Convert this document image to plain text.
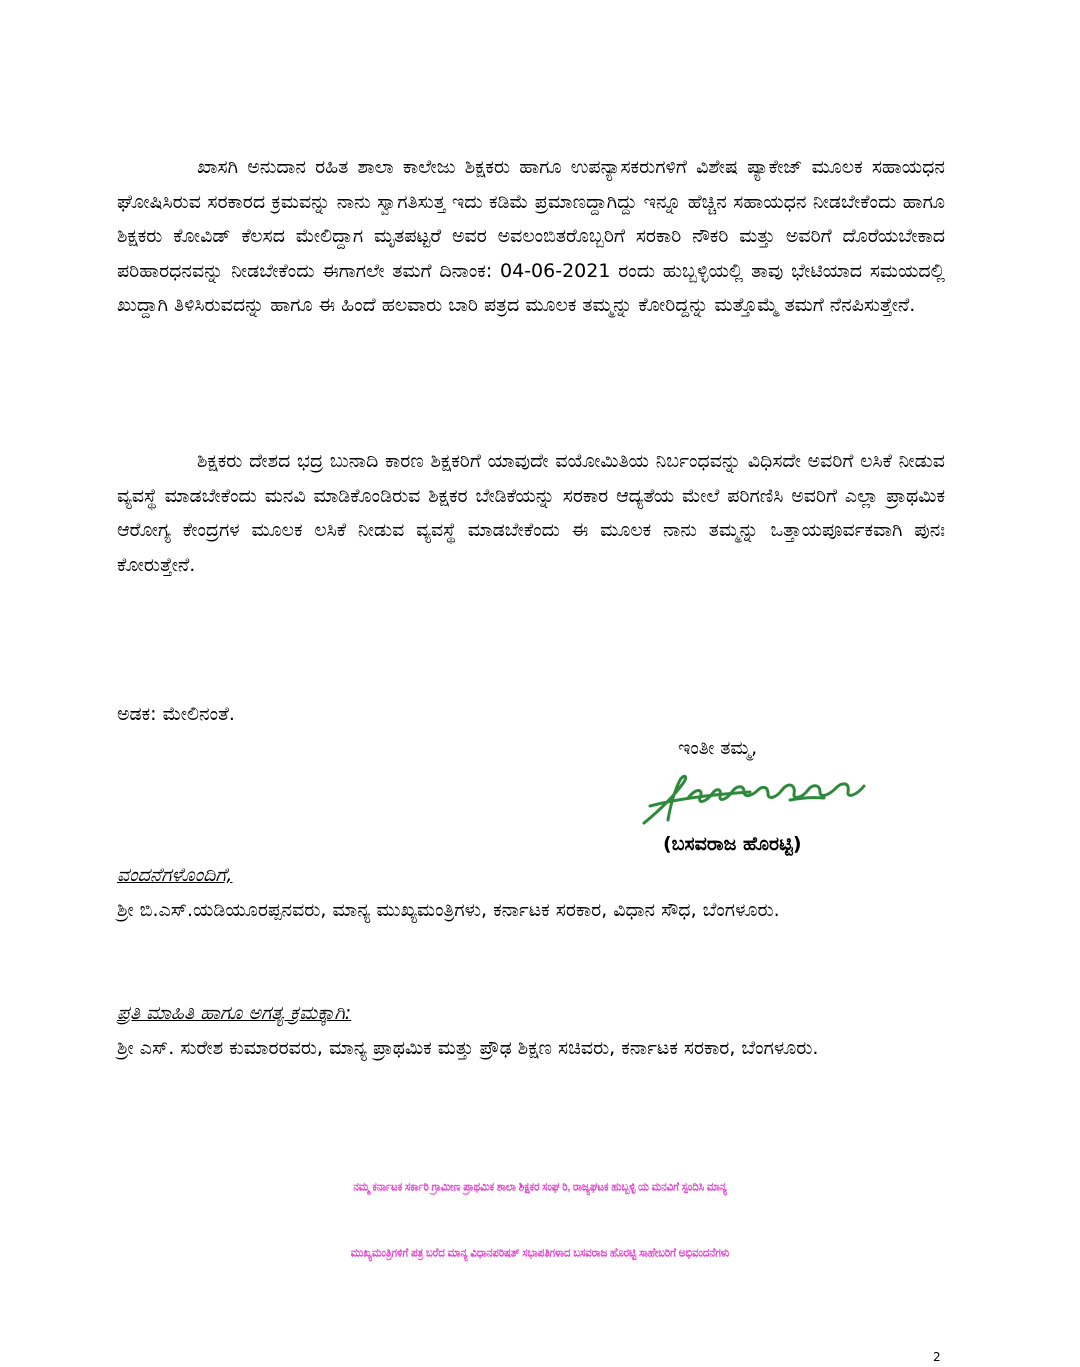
ಖಾಸಗಿ ಅನುದಾನ ರಹಿತ ಶಾಲಾ ಕಾಲೇಜು ಶಿಕ್ಷಕರು ಹಾಗೂ ಉಪನ್ಯಾಸಕರುಗಳಿಗೆ ವಿಶೇಷ ಪ್ಯಾಕೇಜ್ ಮೂಲಕ ಸಹಾಯಧನ ಘೋಷಿಸಿರುವ ಸರಕಾರದ ಕ್ರಮವನ್ನು ನಾನು ಸ್ವಾಗತಿಸುತ್ತ ಇದು ಕಡಿಮೆ ಪ್ರಮಾಣದ್ದಾಗಿದ್ದು ಇನ್ನೂ ಹೆಚ್ಚಿನ ಸಹಾಯಧನ ನೀಡಬೇಕೆಂದು ಹಾಗೂ ಶಿಕ್ಷಕರು ಕೋವಿಡ್ ಕೆಲಸದ ಮೇಲಿದ್ದಾಗ ಮೃತಪಟ್ಟರೆ ಅವರ ಅವಲಂಬಿತರೊಬ್ಬರಿಗೆ ಸರಕಾರಿ ನೌಕರಿ ಮತ್ತು ಅವರಿಗೆ ದೊರೆಯಬೇಕಾದ ಪರಿಹಾರಧನವನ್ನು ನೀಡಬೇಕೆಂದು ಈಗಾಗಲೇ ತಮಗೆ ದಿನಾಂಕ: 04-06-2021 ರಂದು ಹುಬ್ಬಳ್ಳಿಯಲ್ಲಿ ತಾವು ಭೇಟಿಯಾದ ಸಮಯದಲ್ಲಿ ಖುದ್ದಾಗಿ ತಿಳಿಸಿರುವದನ್ನು ಹಾಗೂ ಈ ಹಿಂದೆ ಹಲವಾರು ಬಾರಿ ಪತ್ರದ ಮೂಲಕ ತಮ್ಮನ್ನು ಕೋರಿದ್ದನ್ನು ಮತ್ತೊಮ್ಮೆ ತಮಗೆ ನೆನಪಿಸುತ್ತೇನೆ.

ಶಿಕ್ಷಕರು ದೇಶದ ಭದ್ರ ಬುನಾದಿ ಕಾರಣ ಶಿಕ್ಷಕರಿಗೆ ಯಾವುದೇ ವಯೋಮಿತಿಯ ನಿರ್ಬಂಧವನ್ನು ವಿಧಿಸದೇ ಅವರಿಗೆ ಲಸಿಕೆ ನೀಡುವ ವ್ಯವಸ್ಥೆ ಮಾಡಬೇಕೆಂದು ಮನವಿ ಮಾಡಿಕೊಂಡಿರುವ ಶಿಕ್ಷಕರ ಬೇಡಿಕೆಯನ್ನು ಸರಕಾರ ಆದ್ಯತೆಯ ಮೇಲೆ ಪರಿಗಣಿಸಿ ಅವರಿಗೆ ಎಲ್ಲಾ ಪ್ರಾಥಮಿಕ ಆರೋಗ್ಯ ಕೇಂದ್ರಗಳ ಮೂಲಕ ಲಸಿಕೆ ನೀಡುವ ವ್ಯವಸ್ಥೆ ಮಾಡಬೇಕೆಂದು ಈ ಮೂಲಕ ನಾನು ತಮ್ಮನ್ನು ಒತ್ತಾಯಪೂರ್ವಕವಾಗಿ ಪುನಃ ಕೋರುತ್ತೇನೆ.

ಅಡಕ: ಮೇಲಿನಂತೆ.

ಇಂತೀ ತಮ್ಮ,

(ಬಸವರಾಜ ಹೊರಟ್ಟಿ)

ವಂದನೆಗಳೊಂದಿಗೆ,

ಶ್ರೀ ಬಿ.ಎಸ್.ಯಡಿಯೂರಪ್ಪನವರು, ಮಾನ್ಯ ಮುಖ್ಯಮಂತ್ರಿಗಳು, ಕರ್ನಾಟಕ ಸರಕಾರ, ವಿಧಾನ ಸೌಧ, ಬೆಂಗಳೂರು.

ಪ್ರತಿ ಮಾಹಿತಿ ಹಾಗೂ ಅಗತ್ಯ ಕ್ರಮಕ್ಕಾಗಿ:

ಶ್ರೀ ಎಸ್. ಸುರೇಶ ಕುಮಾರರವರು, ಮಾನ್ಯ ಪ್ರಾಥಮಿಕ ಮತ್ತು ಪ್ರೌಢ ಶಿಕ್ಷಣ ಸಚಿವರು, ಕರ್ನಾಟಕ ಸರಕಾರ, ಬೆಂಗಳೂರು.

ನಮ್ಮ ಕರ್ನಾಟಕ ಸರ್ಕಾರಿ ಗ್ರಾಮೀಣ ಪ್ರಾಥಮಿಕ ಶಾಲಾ ಶಿಕ್ಷಕರ ಸಂಘ ರಿ, ರಾಜ್ಯಘಟಕ ಹುಬ್ಬಳ್ಳಿ ಯ ಮನವಿಗೆ ಸ್ಪಂದಿಸಿ ಮಾನ್ಯ

ಮುಖ್ಯಮಂತ್ರಿಗಳಿಗೆ ಪತ್ರ ಬರೆದ ಮಾನ್ಯ ವಿಧಾನಪರಿಷತ್ ಸಭಾಪತಿಗಳಾದ ಬಸವರಾಜ ಹೊರಟ್ಟಿ ಸಾಹೇಬರಿಗೆ ಅಭಿವಂದನೆಗಳು

2
